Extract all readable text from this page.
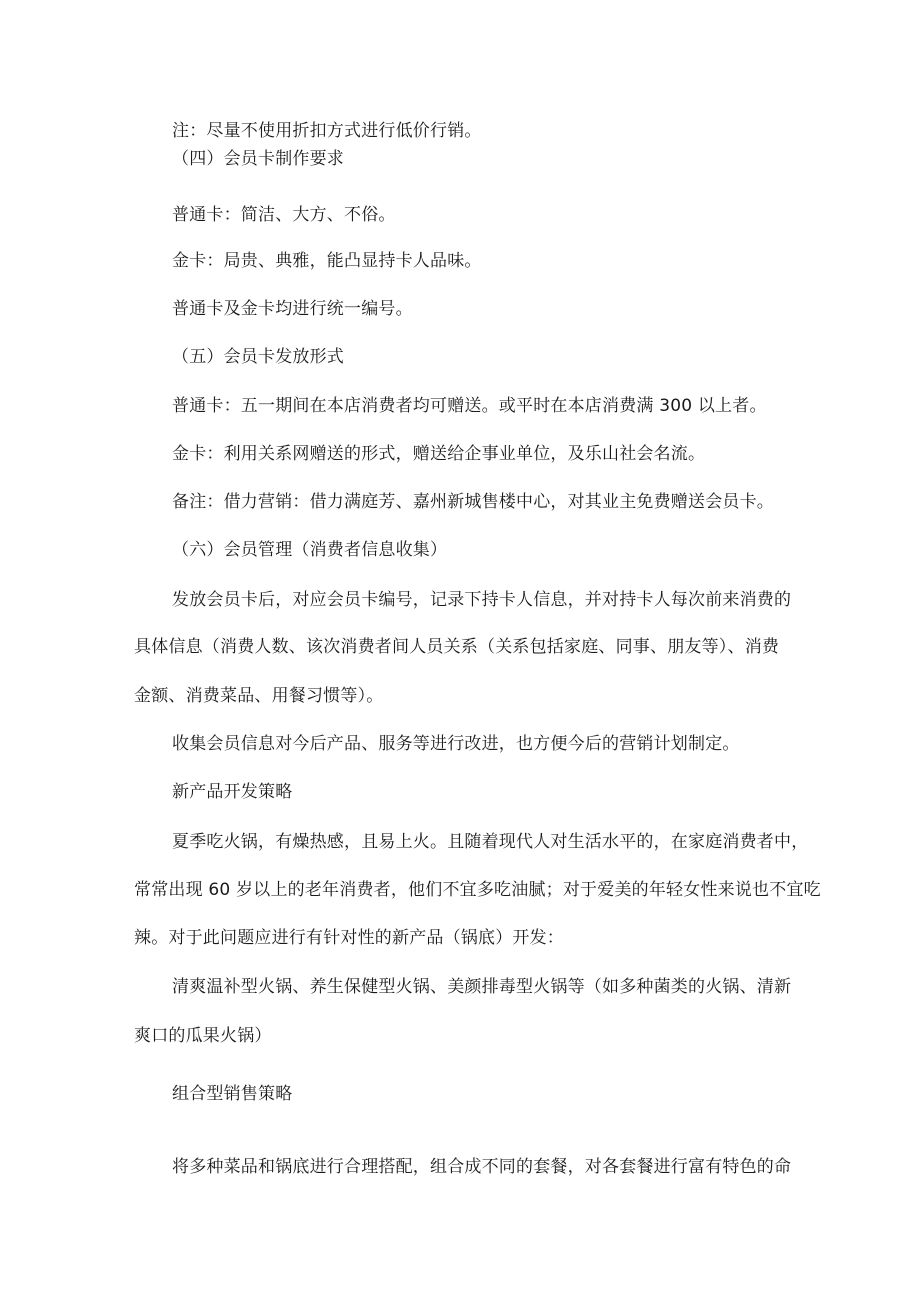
注：尽量不使用折扣方式进行低价行销。
（四）会员卡制作要求
普通卡：简洁、大方、不俗。
金卡：局贵、典雅，能凸显持卡人品味。
普通卡及金卡均进行统一编号。
（五）会员卡发放形式
普通卡：五一期间在本店消费者均可赠送。或平时在本店消费满 300 以上者。
金卡：利用关系网赠送的形式，赠送给企事业单位，及乐山社会名流。
备注：借力营销：借力满庭芳、嘉州新城售楼中心，对其业主免费赠送会员卡。
（六）会员管理（消费者信息收集）
发放会员卡后，对应会员卡编号，记录下持卡人信息，并对持卡人每次前来消费的
具体信息（消费人数、该次消费者间人员关系（关系包括家庭、同事、朋友等）、消费
金额、消费菜品、用餐习惯等）。
收集会员信息对今后产品、服务等进行改进，也方便今后的营销计划制定。
新产品开发策略
夏季吃火锅，有燥热感，且易上火。且随着现代人对生活水平的，在家庭消费者中，
常常出现 60 岁以上的老年消费者，他们不宜多吃油腻；对于爱美的年轻女性来说也不宜吃
辣。对于此问题应进行有针对性的新产品（锅底）开发：
清爽温补型火锅、养生保健型火锅、美颜排毒型火锅等（如多种菌类的火锅、清新
爽口的瓜果火锅）
组合型销售策略
将多种菜品和锅底进行合理搭配，组合成不同的套餐，对各套餐进行富有特色的命
